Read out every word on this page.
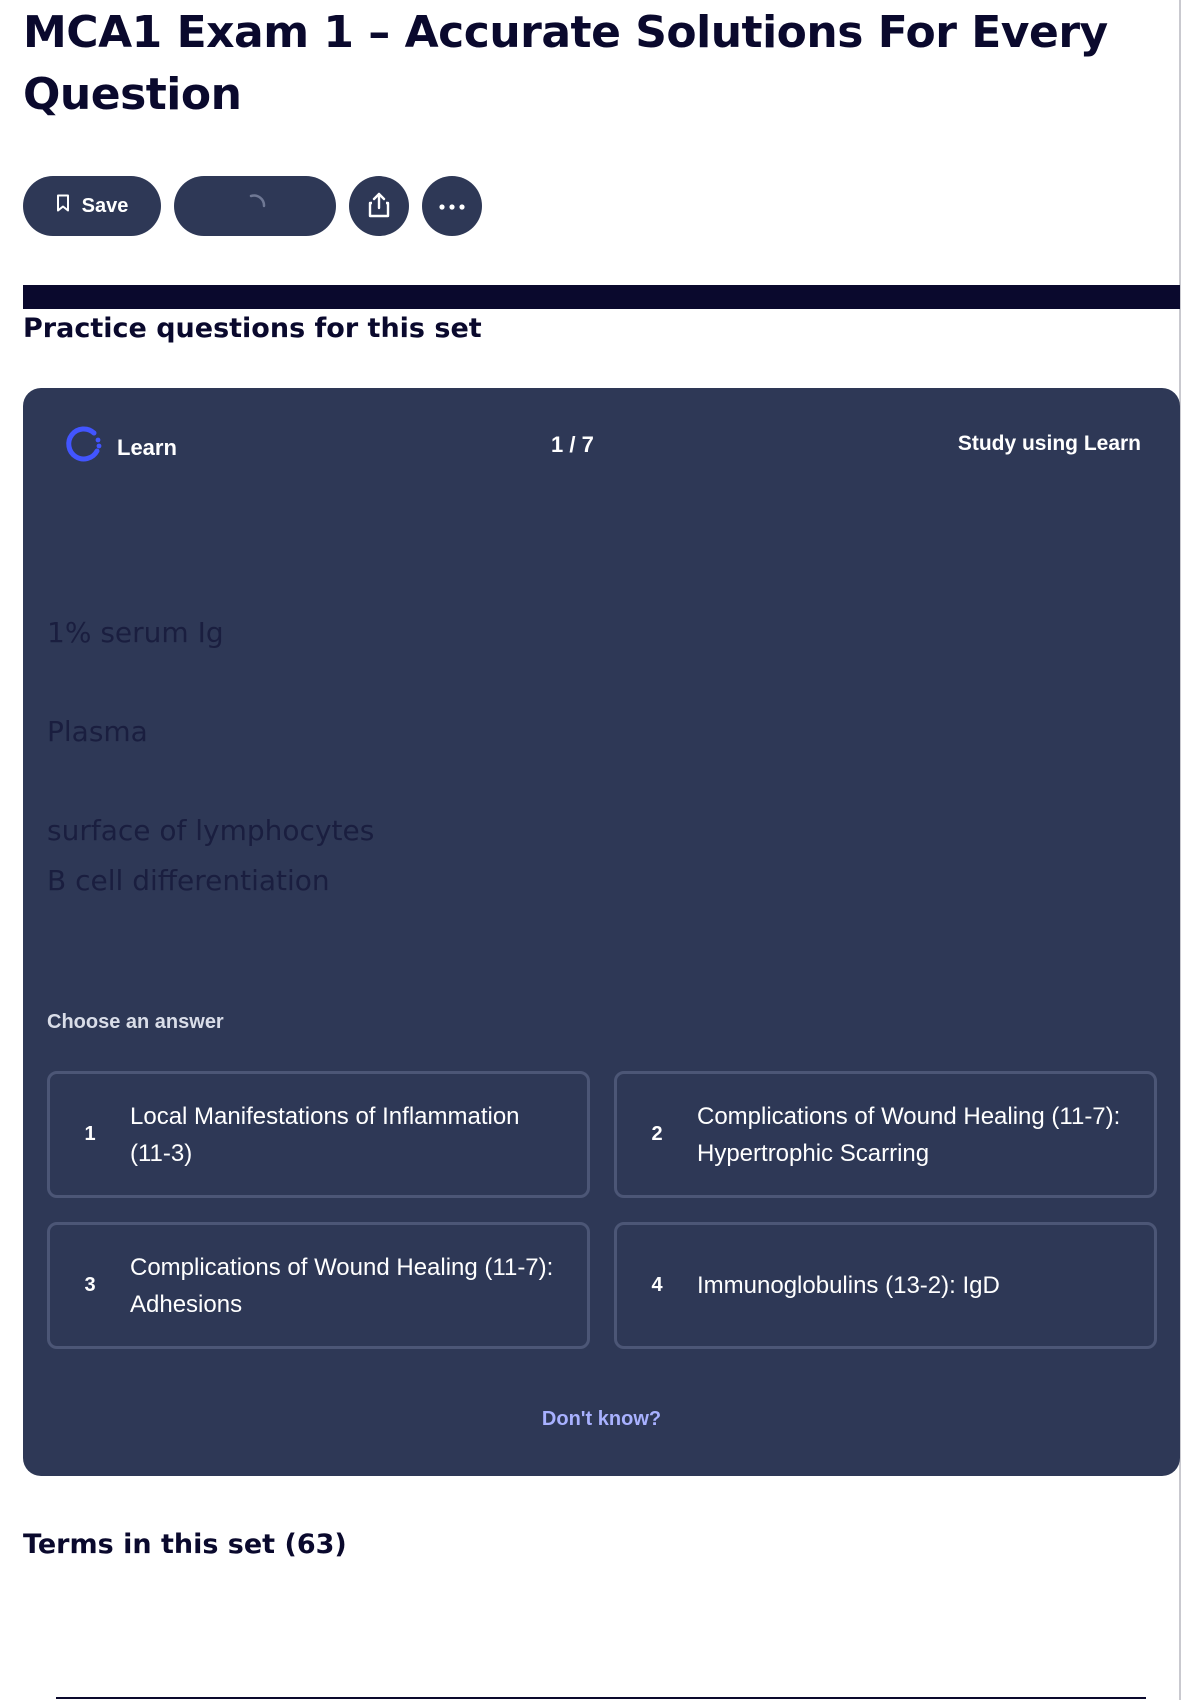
MCA1 Exam 1 – Accurate Solutions For Every Question
Save
Practice questions for this set
Learn	1 / 7	Study using Learn

1% serum Ig

Plasma

surface of lymphocytes

B cell differentiation

Choose an answer
1
Local Manifestations of Inflammation (11-3)
2
Complications of Wound Healing (11-7): Hypertrophic Scarring
3
Complications of Wound Healing (11-7): Adhesions
4	Immunoglobulins (13-2): IgD
Don't know?
Terms in this set (63)
